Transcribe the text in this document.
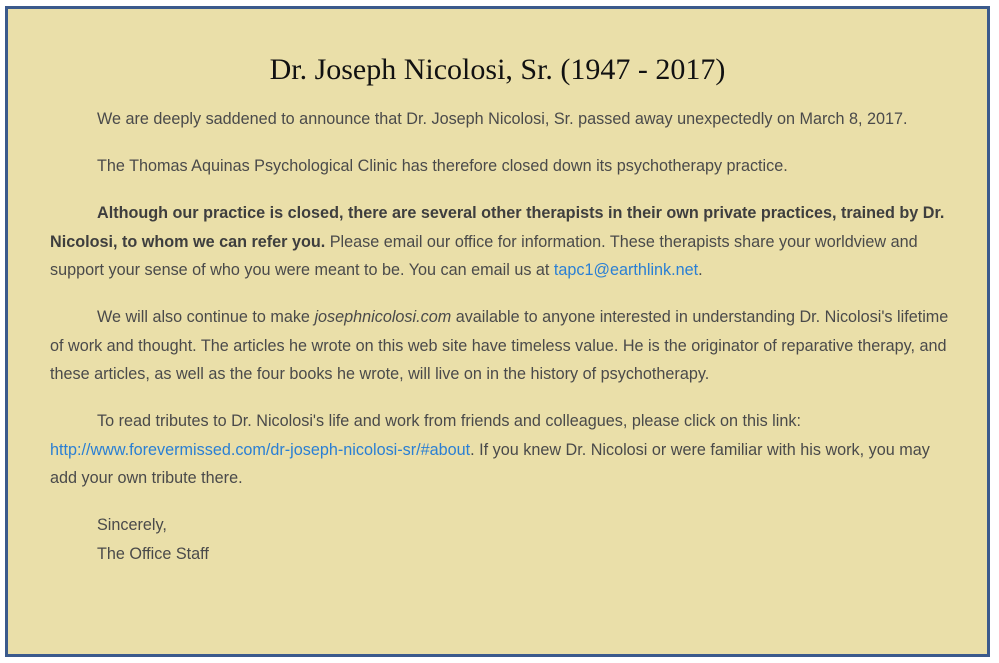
Dr. Joseph Nicolosi, Sr. (1947 - 2017)

We are deeply saddened to announce that Dr. Joseph Nicolosi, Sr. passed away unexpectedly on March 8, 2017.

The Thomas Aquinas Psychological Clinic has therefore closed down its psychotherapy practice.

Although our practice is closed, there are several other therapists in their own private practices, trained by Dr. Nicolosi, to whom we can refer you. Please email our office for information. These therapists share your worldview and support your sense of who you were meant to be. You can email us at tapc1@earthlink.net.

We will also continue to make josephnicolosi.com available to anyone interested in understanding Dr. Nicolosi's lifetime of work and thought. The articles he wrote on this web site have timeless value. He is the originator of reparative therapy, and these articles, as well as the four books he wrote, will live on in the history of psychotherapy.

To read tributes to Dr. Nicolosi's life and work from friends and colleagues, please click on this link: http://www.forevermissed.com/dr-joseph-nicolosi-sr/#about. If you knew Dr. Nicolosi or were familiar with his work, you may add your own tribute there.

Sincerely,
The Office Staff
